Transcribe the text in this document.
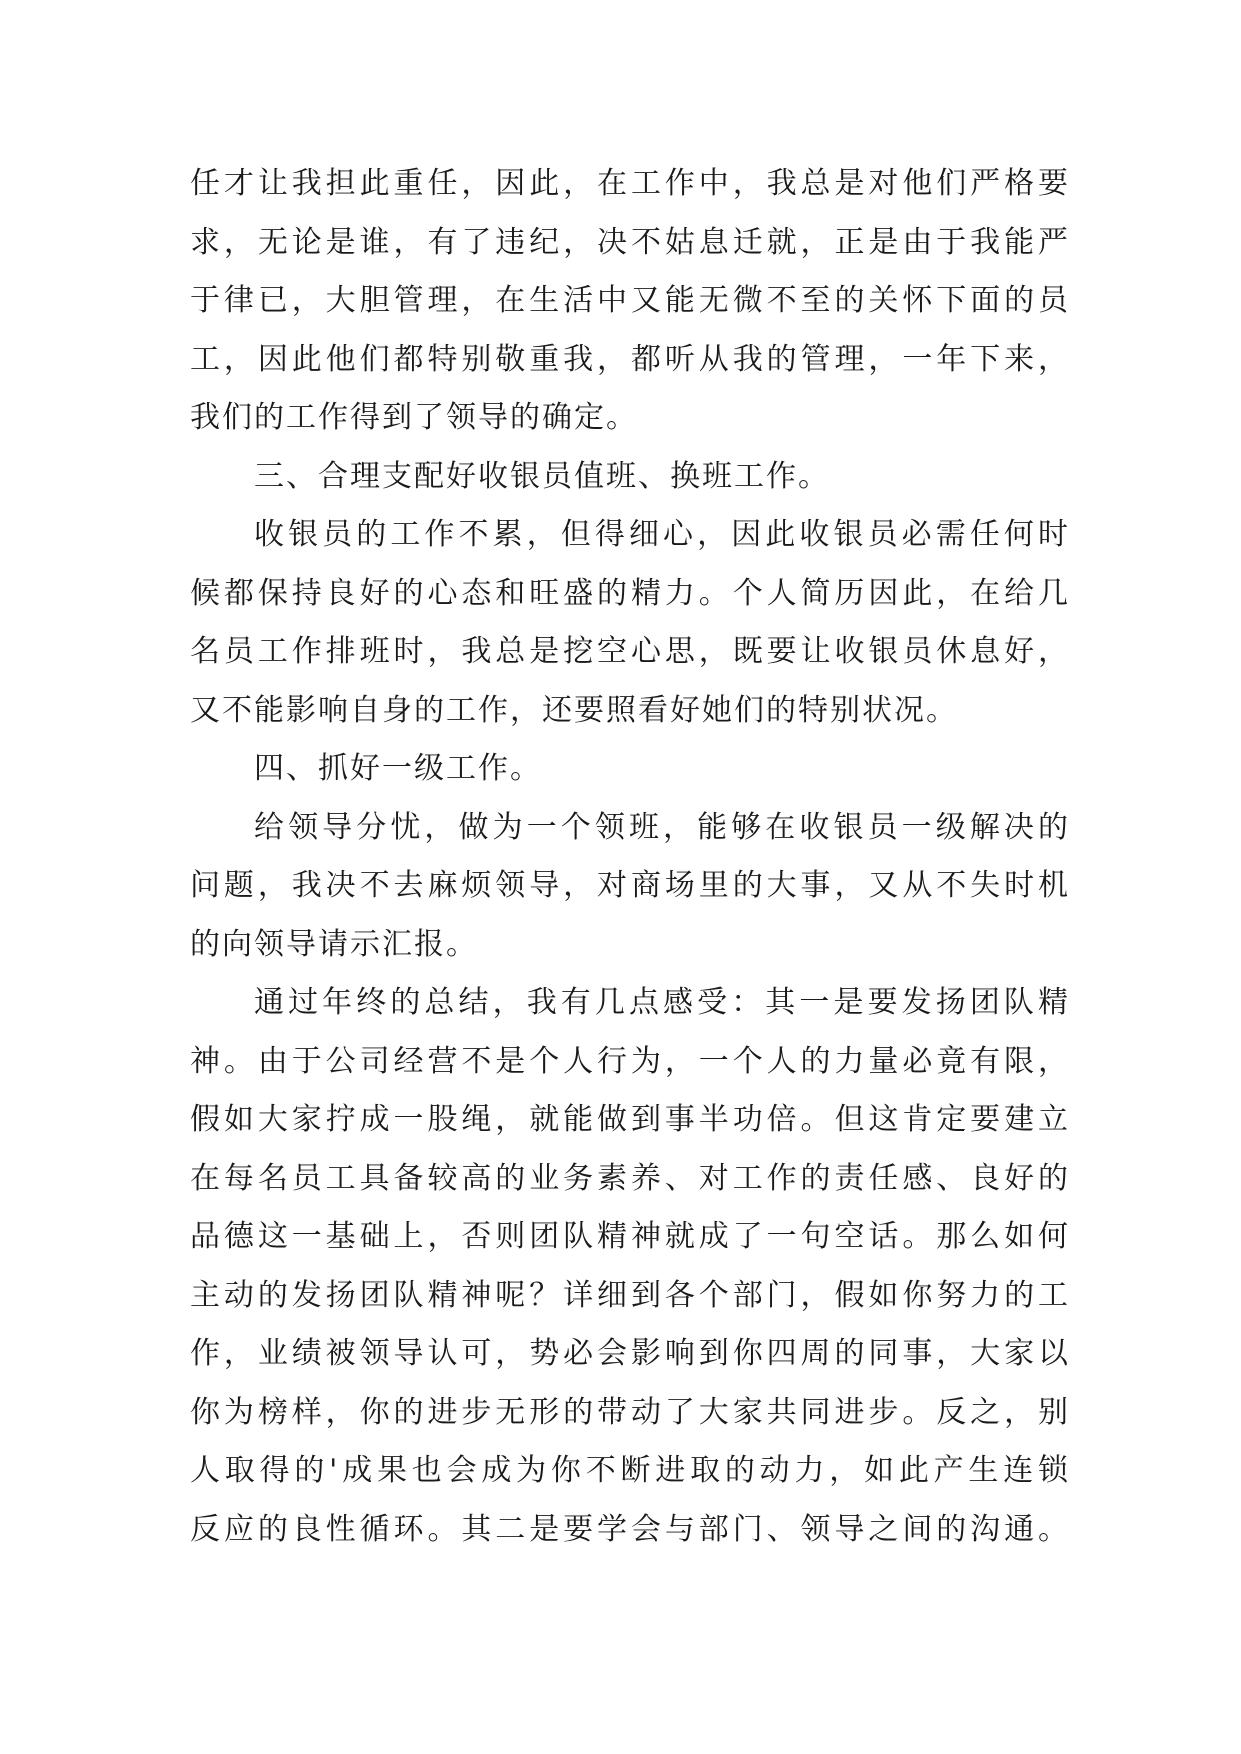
任才让我担此重任，因此，在工作中，我总是对他们严格要
求，无论是谁，有了违纪，决不姑息迁就，正是由于我能严
于律已，大胆管理，在生活中又能无微不至的关怀下面的员
工，因此他们都特别敬重我，都听从我的管理，一年下来，
我们的工作得到了领导的确定。
三、合理支配好收银员值班、换班工作。
收银员的工作不累，但得细心，因此收银员必需任何时
候都保持良好的心态和旺盛的精力。个人简历因此，在给几
名员工作排班时，我总是挖空心思，既要让收银员休息好，
又不能影响自身的工作，还要照看好她们的特别状况。
四、抓好一级工作。
给领导分忧，做为一个领班，能够在收银员一级解决的
问题，我决不去麻烦领导，对商场里的大事，又从不失时机
的向领导请示汇报。
通过年终的总结，我有几点感受：其一是要发扬团队精
神。由于公司经营不是个人行为，一个人的力量必竟有限，
假如大家拧成一股绳，就能做到事半功倍。但这肯定要建立
在每名员工具备较高的业务素养、对工作的责任感、良好的
品德这一基础上，否则团队精神就成了一句空话。那么如何
主动的发扬团队精神呢？详细到各个部门，假如你努力的工
作，业绩被领导认可，势必会影响到你四周的同事，大家以
你为榜样，你的进步无形的带动了大家共同进步。反之，别
人取得的'成果也会成为你不断进取的动力，如此产生连锁
反应的良性循环。其二是要学会与部门、领导之间的沟通。
